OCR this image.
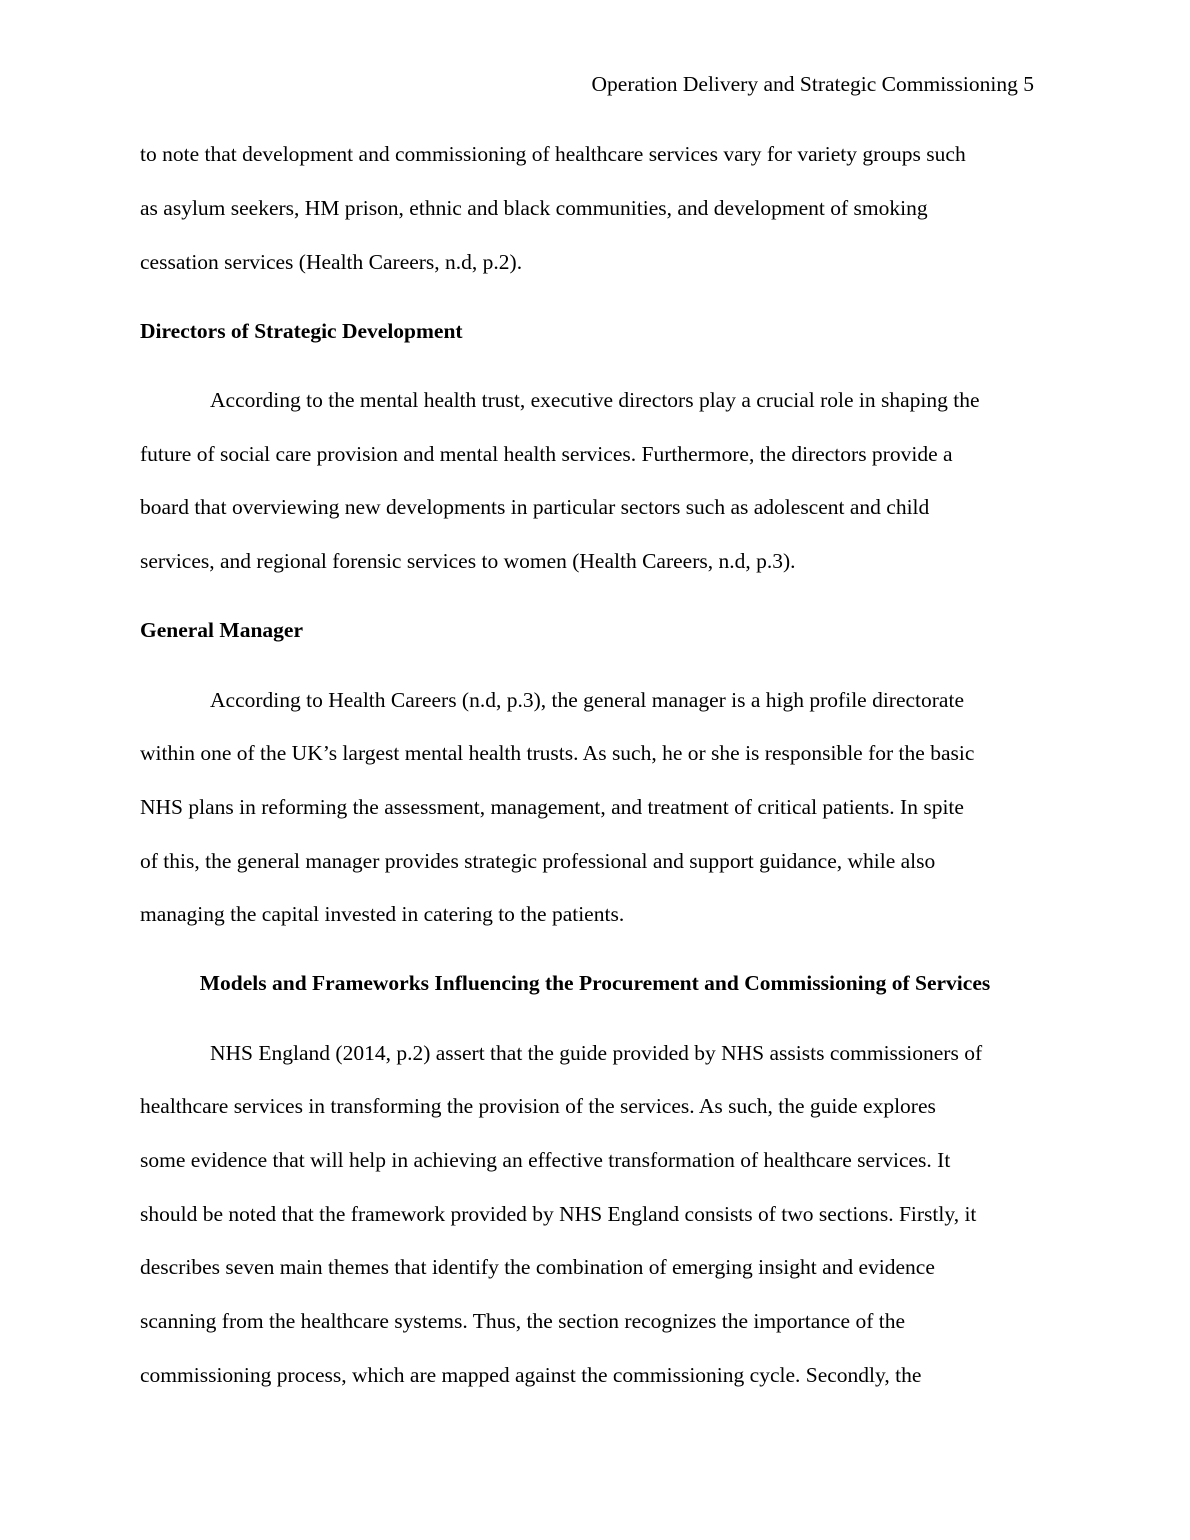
Operation Delivery and Strategic Commissioning 5
to note that development and commissioning of healthcare services vary for variety groups such
as asylum seekers, HM prison, ethnic and black communities, and development of smoking
cessation services (Health Careers, n.d, p.2).
Directors of Strategic Development
According to the mental health trust, executive directors play a crucial role in shaping the
future of social care provision and mental health services. Furthermore, the directors provide a
board that overviewing new developments in particular sectors such as adolescent and child
services, and regional forensic services to women (Health Careers, n.d, p.3).
General Manager
According to Health Careers (n.d, p.3), the general manager is a high profile directorate
within one of the UK’s largest mental health trusts. As such, he or she is responsible for the basic
NHS plans in reforming the assessment, management, and treatment of critical patients. In spite
of this, the general manager provides strategic professional and support guidance, while also
managing the capital invested in catering to the patients.
Models and Frameworks Influencing the Procurement and Commissioning of Services
NHS England (2014, p.2) assert that the guide provided by NHS assists commissioners of
healthcare services in transforming the provision of the services. As such, the guide explores
some evidence that will help in achieving an effective transformation of healthcare services. It
should be noted that the framework provided by NHS England consists of two sections. Firstly, it
describes seven main themes that identify the combination of emerging insight and evidence
scanning from the healthcare systems. Thus, the section recognizes the importance of the
commissioning process, which are mapped against the commissioning cycle. Secondly, the
